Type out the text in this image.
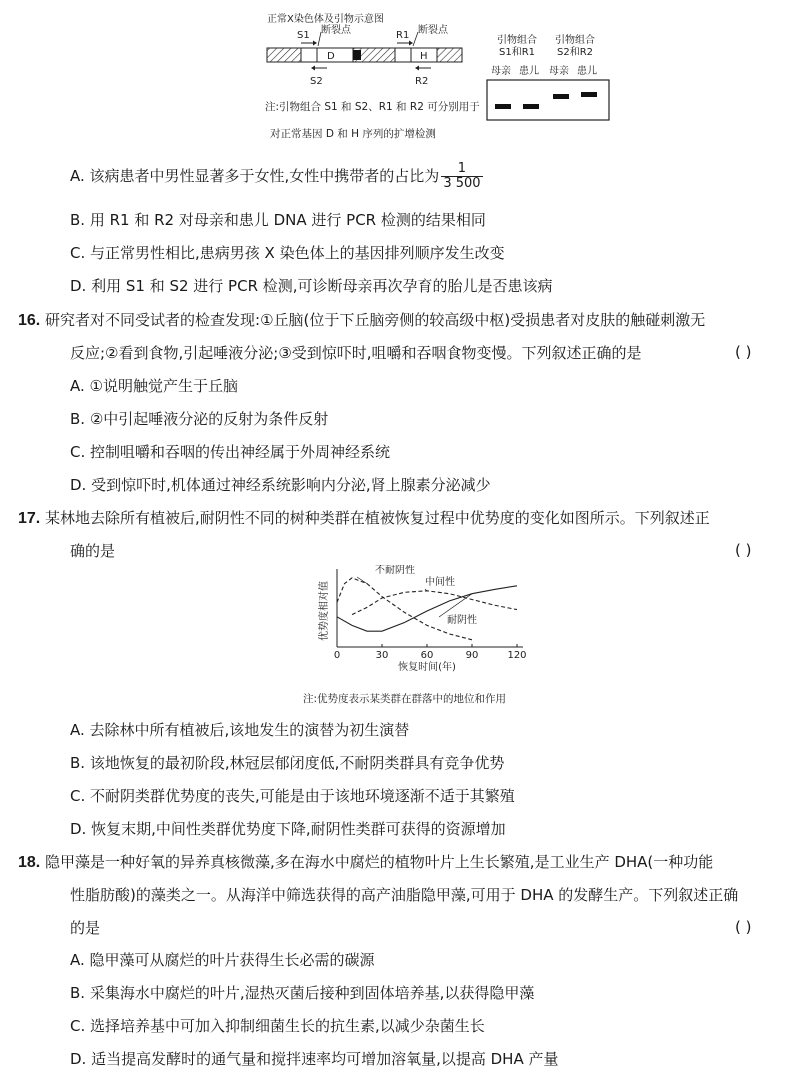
正常X染色体及引物示意图
D	H
S1 断裂点
S2
R1 断裂点
R2
注:引物组合 S1 和 S2、R1 和 R2 可分别用于
对正常基因 D 和 H 序列的扩增检测
引物组合
S1和R1
引物组合
S2和R2
母亲 患儿 母亲 患儿
A. 该病患者中男性显著多于女性,女性中携带者的占比为 $\frac{1}{3 500}$
B. 用 R1 和 R2 对母亲和患儿 DNA 进行 PCR 检测的结果相同
C. 与正常男性相比,患病男孩 X 染色体上的基因排列顺序发生改变
D. 利用 S1 和 S2 进行 PCR 检测,可诊断母亲再次孕育的胎儿是否患该病
16. 研究者对不同受试者的检查发现:①丘脑(位于下丘脑旁侧的较高级中枢)受损患者对皮肤的触碰刺激无
反应;②看到食物,引起唾液分泌;③受到惊吓时,咀嚼和吞咽食物变慢。下列叙述正确的是	( )
A. ①说明触觉产生于丘脑
B. ②中引起唾液分泌的反射为条件反射
C. 控制咀嚼和吞咽的传出神经属于外周神经系统
D. 受到惊吓时,机体通过神经系统影响内分泌,肾上腺素分泌减少
17. 某林地去除所有植被后,耐阴性不同的树种类群在植被恢复过程中优势度的变化如图所示。下列叙述正
确的是	( )
0	30	60	90	120
恢复时间(年)
优势度相对值
不耐阴性
中间性
耐阴性
注:优势度表示某类群在群落中的地位和作用
A. 去除林中所有植被后,该地发生的演替为初生演替
B. 该地恢复的最初阶段,林冠层郁闭度低,不耐阴类群具有竞争优势
C. 不耐阴类群优势度的丧失,可能是由于该地环境逐渐不适于其繁殖
D. 恢复末期,中间性类群优势度下降,耐阴性类群可获得的资源增加
18. 隐甲藻是一种好氧的异养真核微藻,多在海水中腐烂的植物叶片上生长繁殖,是工业生产 DHA(一种功能
性脂肪酸)的藻类之一。从海洋中筛选获得的高产油脂隐甲藻,可用于 DHA 的发酵生产。下列叙述正确
的是	( )
A. 隐甲藻可从腐烂的叶片获得生长必需的碳源
B. 采集海水中腐烂的叶片,湿热灭菌后接种到固体培养基,以获得隐甲藻
C. 选择培养基中可加入抑制细菌生长的抗生素,以减少杂菌生长
D. 适当提高发酵时的通气量和搅拌速率均可增加溶氧量,以提高 DHA 产量
